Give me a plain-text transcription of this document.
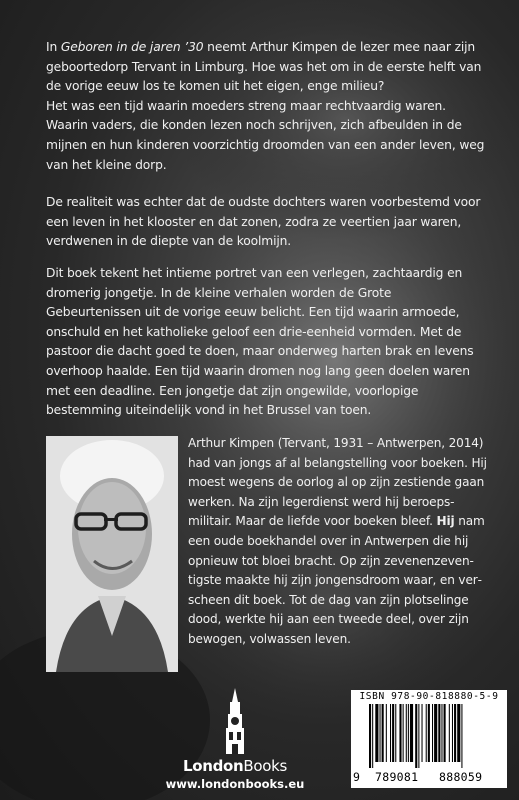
In Geboren in de jaren ’30 neemt Arthur Kimpen de lezer mee naar zijn geboortedorp Tervant in Limburg. Hoe was het om in de eerste helft van de vorige eeuw los te komen uit het eigen, enge milieu?

Het was een tijd waarin moeders streng maar rechtvaardig waren. Waarin vaders, die konden lezen noch schrijven, zich afbeulden in de mijnen en hun kinderen voorzichtig droomden van een ander leven, weg van het kleine dorp.

De realiteit was echter dat de oudste dochters waren voorbestemd voor een leven in het klooster en dat zonen, zodra ze veertien jaar waren, verdwenen in de diepte van de koolmijn.

Dit boek tekent het intieme portret van een verlegen, zachtaardig en dromerig jongetje. In de kleine verhalen worden de Grote Gebeurtenissen uit de vorige eeuw belicht. Een tijd waarin armoede, onschuld en het katholieke geloof een drie-eenheid vormden. Met de pastoor die dacht goed te doen, maar onderweg harten brak en levens overhoop haalde. Een tijd waarin dromen nog lang geen doelen waren met een deadline. Een jongetje dat zijn ongewilde, voorlopige bestemming uiteindelijk vond in het Brussel van toen.

Arthur Kimpen (Tervant, 1931 – Antwerpen, 2014) had van jongs af al belangstelling voor boeken. Hij moest wegens de oorlog al op zijn zestiende gaan werken. Na zijn legerdienst werd hij beroepsmilitair. Maar de liefde voor boeken bleef. Hij nam een oude boekhandel over in Antwerpen die hij opnieuw tot bloei bracht. Op zijn zevenenzeventigste maakte hij zijn jongensdroom waar, en verscheen dit boek. Tot de dag van zijn plotselinge dood, werkte hij aan een tweede deel, over zijn bewogen, volwassen leven.
LondonBooks
www.londonbooks.eu
ISBN 978-90-818880-5-9
9 789081 888059
